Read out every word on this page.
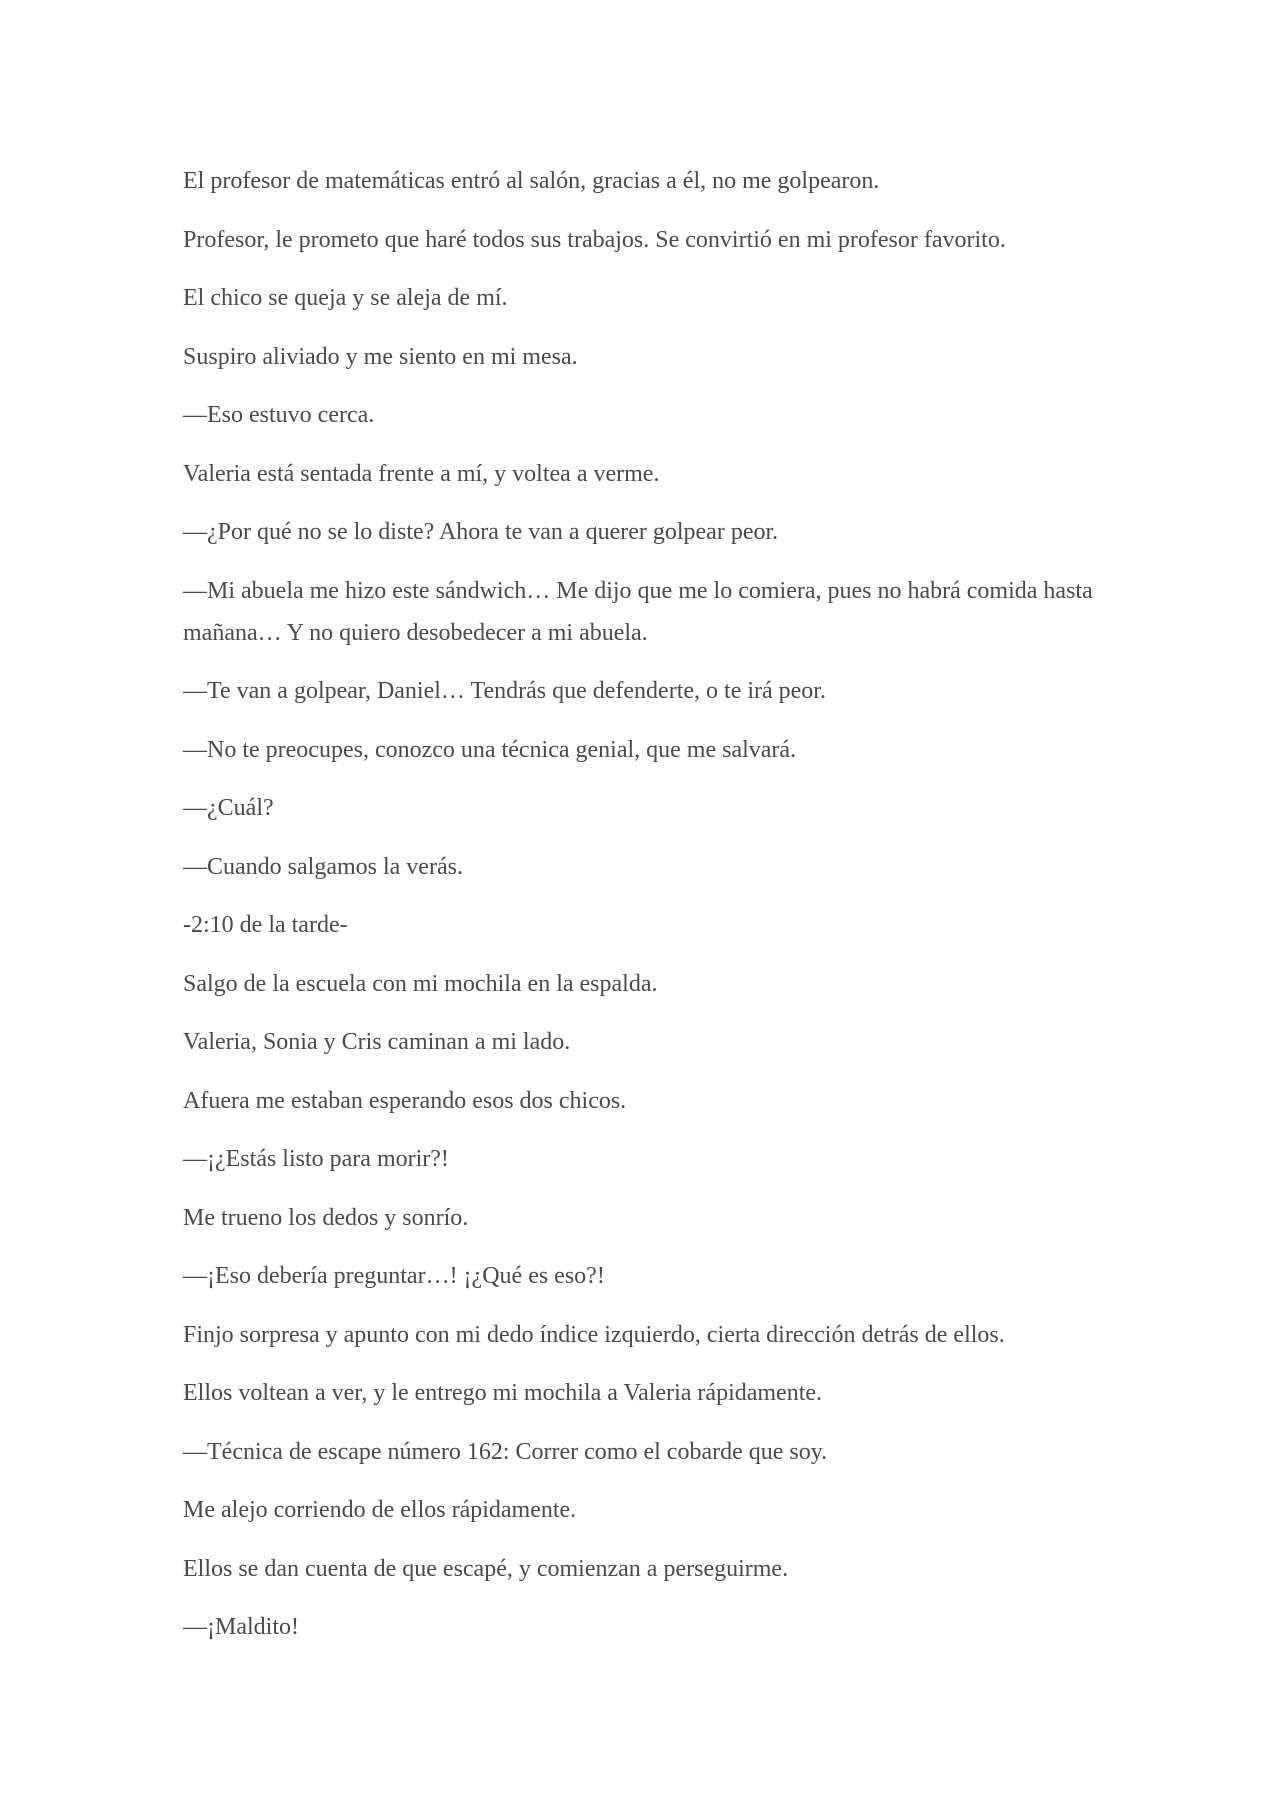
El profesor de matemáticas entró al salón, gracias a él, no me golpearon.

Profesor, le prometo que haré todos sus trabajos. Se convirtió en mi profesor favorito.

El chico se queja y se aleja de mí.

Suspiro aliviado y me siento en mi mesa.

—Eso estuvo cerca.

Valeria está sentada frente a mí, y voltea a verme.

—¿Por qué no se lo diste? Ahora te van a querer golpear peor.

—Mi abuela me hizo este sándwich… Me dijo que me lo comiera, pues no habrá comida hasta mañana… Y no quiero desobedecer a mi abuela.

—Te van a golpear, Daniel… Tendrás que defenderte, o te irá peor.

—No te preocupes, conozco una técnica genial, que me salvará.

—¿Cuál?

—Cuando salgamos la verás.

-2:10 de la tarde-

Salgo de la escuela con mi mochila en la espalda.

Valeria, Sonia y Cris caminan a mi lado.

Afuera me estaban esperando esos dos chicos.

—¡¿Estás listo para morir?!

Me trueno los dedos y sonrío.

—¡Eso debería preguntar…! ¡¿Qué es eso?!

Finjo sorpresa y apunto con mi dedo índice izquierdo, cierta dirección detrás de ellos.

Ellos voltean a ver, y le entrego mi mochila a Valeria rápidamente.

—Técnica de escape número 162: Correr como el cobarde que soy.

Me alejo corriendo de ellos rápidamente.

Ellos se dan cuenta de que escapé, y comienzan a perseguirme.

—¡Maldito!
